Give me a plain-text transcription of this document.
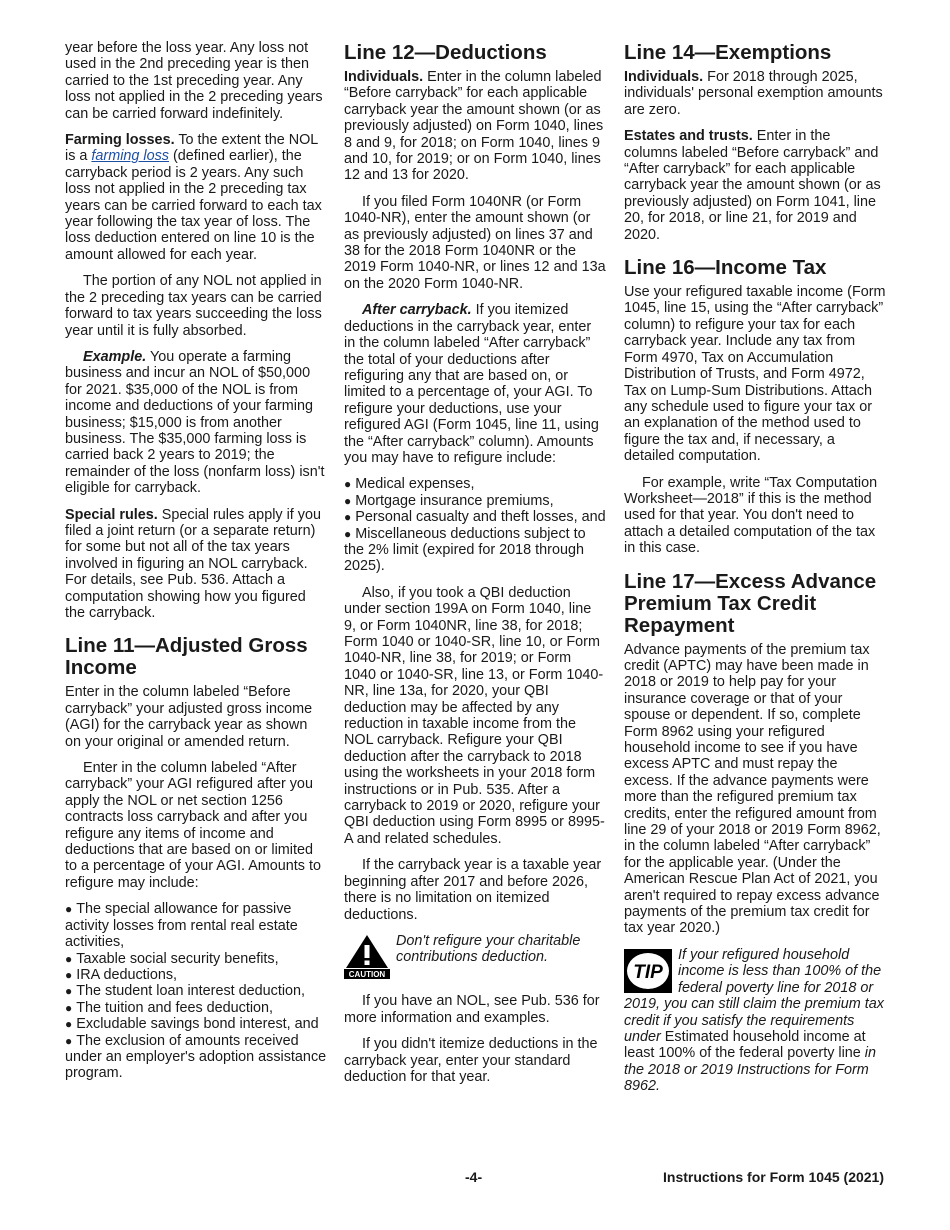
year before the loss year. Any loss not used in the 2nd preceding year is then carried to the 1st preceding year. Any loss not applied in the 2 preceding years can be carried forward indefinitely.

Farming losses. To the extent the NOL is a farming loss (defined earlier), the carryback period is 2 years. Any such loss not applied in the 2 preceding tax years can be carried forward to each tax year following the tax year of loss. The loss deduction entered on line 10 is the amount allowed for each year.

The portion of any NOL not applied in the 2 preceding tax years can be carried forward to tax years succeeding the loss year until it is fully absorbed.

Example. You operate a farming business and incur an NOL of $50,000 for 2021. $35,000 of the NOL is from income and deductions of your farming business; $15,000 is from another business. The $35,000 farming loss is carried back 2 years to 2019; the remainder of the loss (nonfarm loss) isn't eligible for carryback.

Special rules. Special rules apply if you filed a joint return (or a separate return) for some but not all of the tax years involved in figuring an NOL carryback. For details, see Pub. 536. Attach a computation showing how you figured the carryback.

Line 11—Adjusted Gross Income

Enter in the column labeled “Before carryback” your adjusted gross income (AGI) for the carryback year as shown on your original or amended return.

Enter in the column labeled “After carryback” your AGI refigured after you apply the NOL or net section 1256 contracts loss carryback and after you refigure any items of income and deductions that are based on or limited to a percentage of your AGI. Amounts to refigure may include:

● The special allowance for passive activity losses from rental real estate activities,
● Taxable social security benefits,
● IRA deductions,
● The student loan interest deduction,
● The tuition and fees deduction,
● Excludable savings bond interest, and
● The exclusion of amounts received under an employer's adoption assistance program.
Line 12—Deductions

Individuals. Enter in the column labeled “Before carryback” for each applicable carryback year the amount shown (or as previously adjusted) on Form 1040, lines 8 and 9, for 2018; on Form 1040, lines 9 and 10, for 2019; or on Form 1040, lines 12 and 13 for 2020.

If you filed Form 1040NR (or Form 1040-NR), enter the amount shown (or as previously adjusted) on lines 37 and 38 for the 2018 Form 1040NR or the 2019 Form 1040-NR, or lines 12 and 13a on the 2020 Form 1040-NR.

After carryback. If you itemized deductions in the carryback year, enter in the column labeled “After carryback” the total of your deductions after refiguring any that are based on, or limited to a percentage of, your AGI. To refigure your deductions, use your refigured AGI (Form 1045, line 11, using the “After carryback” column). Amounts you may have to refigure include:

● Medical expenses,
● Mortgage insurance premiums,
● Personal casualty and theft losses, and
● Miscellaneous deductions subject to the 2% limit (expired for 2018 through 2025).

Also, if you took a QBI deduction under section 199A on Form 1040, line 9, or Form 1040NR, line 38, for 2018; Form 1040 or 1040-SR, line 10, or Form 1040-NR, line 38, for 2019; or Form 1040 or 1040-SR, line 13, or Form 1040-NR, line 13a, for 2020, your QBI deduction may be affected by any reduction in taxable income from the NOL carryback. Refigure your QBI deduction after the carryback to 2018 using the worksheets in your 2018 form instructions or in Pub. 535. After a carryback to 2019 or 2020, refigure your QBI deduction using Form 8995 or 8995-A and related schedules.

If the carryback year is a taxable year beginning after 2017 and before 2026, there is no limitation on itemized deductions.

CAUTION
Don't refigure your charitable contributions deduction.

If you have an NOL, see Pub. 536 for more information and examples.

If you didn't itemize deductions in the carryback year, enter your standard deduction for that year.

Line 14—Exemptions

Individuals. For 2018 through 2025, individuals' personal exemption amounts are zero.

Estates and trusts. Enter in the columns labeled “Before carryback” and “After carryback” for each applicable carryback year the amount shown (or as previously adjusted) on Form 1041, line 20, for 2018, or line 21, for 2019 and 2020.

Line 16—Income Tax

Use your refigured taxable income (Form 1045, line 15, using the “After carryback” column) to refigure your tax for each carryback year. Include any tax from Form 4970, Tax on Accumulation Distribution of Trusts, and Form 4972, Tax on Lump-Sum Distributions. Attach any schedule used to figure your tax or an explanation of the method used to figure the tax and, if necessary, a detailed computation.

For example, write “Tax Computation Worksheet—2018” if this is the method used for that year. You don't need to attach a detailed computation of the tax in this case.

Line 17—Excess Advance Premium Tax Credit Repayment

Advance payments of the premium tax credit (APTC) may have been made in 2018 or 2019 to help pay for your insurance coverage or that of your spouse or dependent. If so, complete Form 8962 using your refigured household income to see if you have excess APTC and must repay the excess. If the advance payments were more than the refigured premium tax credits, enter the refigured amount from line 29 of your 2018 or 2019 Form 8962, in the column labeled “After carryback” for the applicable year. (Under the American Rescue Plan Act of 2021, you aren't required to repay excess advance payments of the premium tax credit for tax year 2020.)

TIP
If your refigured household income is less than 100% of the federal poverty line for 2018 or 2019, you can still claim the premium tax credit if you satisfy the requirements under Estimated household income at least 100% of the federal poverty line in the 2018 or 2019 Instructions for Form 8962.
-4-	Instructions for Form 1045 (2021)
